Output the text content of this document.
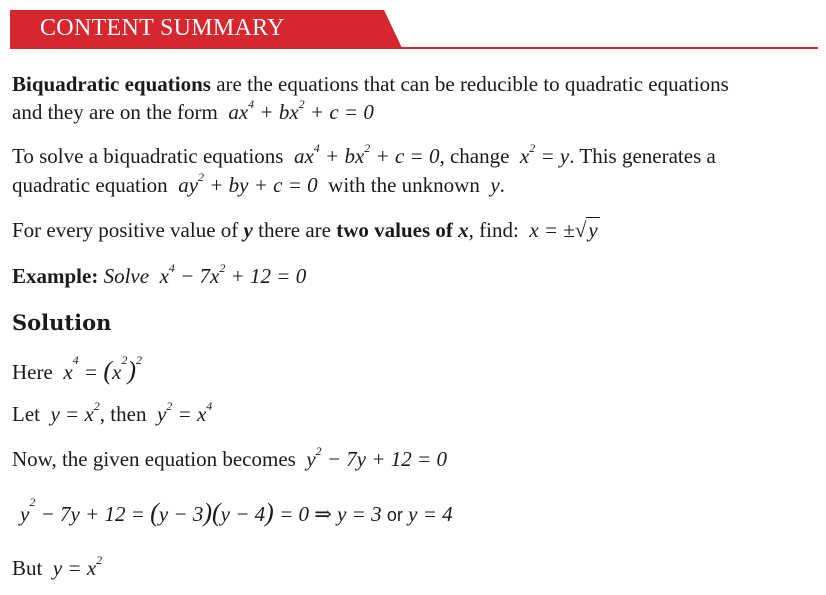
CONTENT SUMMARY
Biquadratic equations are the equations that can be reducible to quadratic equations
and they are on the form  $ax^4 + bx^2 + c = 0$
To solve a biquadratic equations  $ax^4 + bx^2 + c = 0$, change  $x^2 = y$. This generates a
quadratic equation  $ay^2$ + by + c = 0  with the unknown  y.
For every positive value of y there are two values of x, find:  x = ±√y
Example: Solve  $x^4 - 7x^2 + 12 = 0$
Solution
Here  $x^4 = (x^2)^2$
Let  $y = x^2$, then  $y^2 = x^4$
Now, the given equation becomes  $y^2 - 7y + 12 = 0$
$y^2 - 7y + 12 = (y - 3)(y - 4) = 0$ ⇒ y = 3 or y = 4
But  $y = x^2$
